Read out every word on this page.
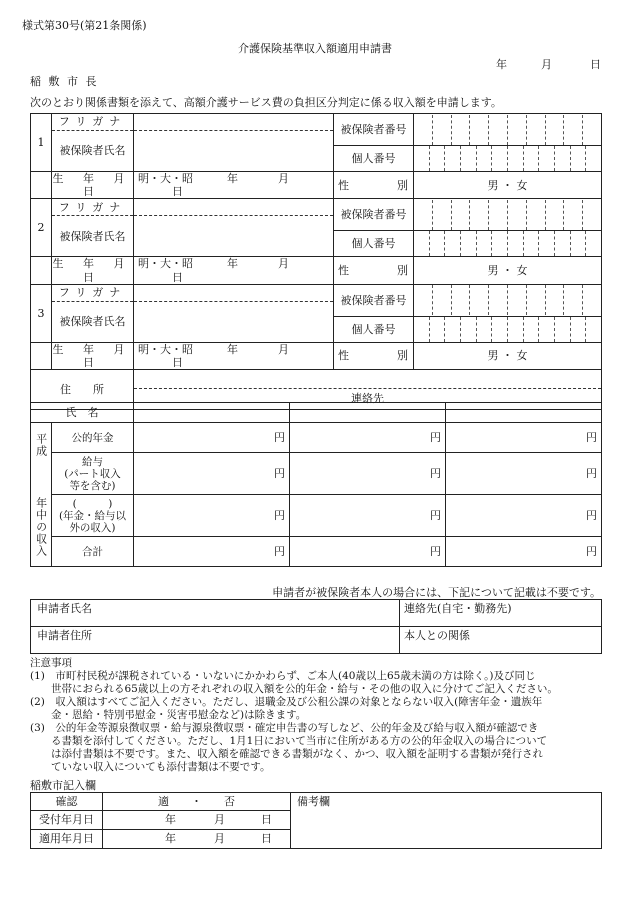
様式第30号(第21条関係)
介護保険基準収入額適用申請書
年	月	日
稲 敷 市 長
次のとおり関係書類を添えて、高額介護サービス費の負担区分判定に係る収入額を申請します。
1	フリガナ		被保険者番号	

	被保険者氏名			
			個人番号	

	生 年 月 日	明・大・昭 年 月日	性 別	男 ・ 女
2	フリガナ		被保険者番号	

	被保険者氏名			
			個人番号	

	生 年 月 日	明・大・昭 年 月日	性 別	男 ・ 女
3	フリガナ		被保険者番号	

	被保険者氏名			
			個人番号	

	生 年 月 日	明・大・昭 年 月日	性 別	男 ・ 女
住　　所		連絡先		
氏　名				

平成
年中の収入	公的年金	円	円	円

	給与
(パート収入
等を含む)	円	円	円

	(　　　)
(年金・給与以
外の収入)	円	円	円

	合計	円	円	円
申請者が被保険者本人の場合には、下記について記載は不要です。
申請者氏名	連絡先(自宅・勤務先)
申請者住所	本人との関係
注意事項
(1)　市町村民税が課税されている・いないにかかわらず、ご本人(40歳以上65歳未満の方は除く。)及び同じ
　　世帯におられる65歳以上の方それぞれの収入額を公的年金・給与・その他の収入に分けてご記入ください。
(2)　収入額はすべてご記入ください。ただし、退職金及び公租公課の対象とならない収入(障害年金・遺族年
　　金・恩給・特別弔慰金・災害弔慰金など)は除きます。
(3)　公的年金等源泉徴収票・給与源泉徴収票・確定申告書の写しなど、公的年金及び給与収入額が確認でき
　　る書類を添付してください。ただし、1月1日において当市に住所がある方の公的年金収入の場合について
　　は添付書類は不要です。また、収入額を確認できる書類がなく、かつ、収入額を証明する書類が発行され
　　ていない収入についても添付書類は不要です。
稲敷市記入欄
確認	適　　・　　否	備考欄
受付年月日	年 月 日	
適用年月日	年 月 日	
